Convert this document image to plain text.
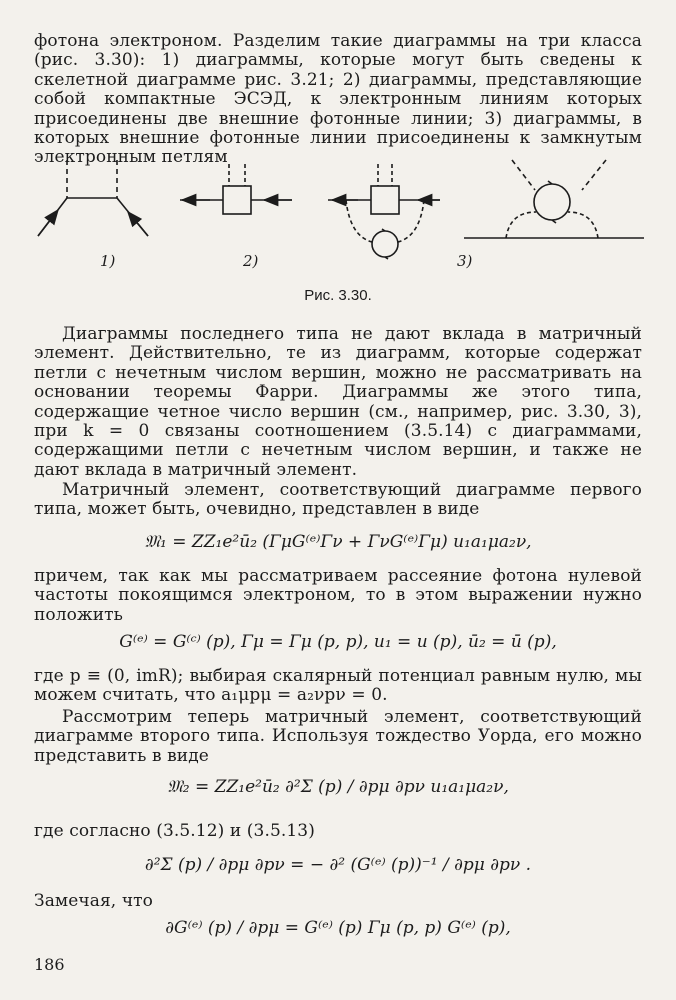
фотона электроном. Разделим такие диаграммы на три класса (рис. 3.30): 1) диаграммы, которые могут быть сведены к скелетной диаграмме рис. 3.21; 2) диаграммы, представляющие собой компактные ЭСЭД, к электронным линиям которых присоединены две внешние фотонные линии; 3) диаграммы, в которых внешние фотонные линии присоединены к замкнутым электронным петлям
1)	2)	3)
Рис. 3.30.
Диаграммы последнего типа не дают вклада в матричный элемент. Действительно, те из диаграмм, которые содержат петли с нечетным числом вершин, можно не рассматривать на основании теоремы Фарри. Диаграммы же этого типа, содержащие четное число вершин (см., например, рис. 3.30, 3), при k = 0 связаны соотношением (3.5.14) с диаграммами, содержащими петли с нечетным числом вершин, и также не дают вклада в матричный элемент.
Матричный элемент, соответствующий диаграмме первого типа, может быть, очевидно, представлен в виде
𝔐₁ = ZZ₁e²ū₂ (ΓμG⁽ᵉ⁾Γν + ΓνG⁽ᵉ⁾Γμ) u₁a₁μa₂ν,
причем, так как мы рассматриваем рассеяние фотона нулевой частоты покоящимся электроном, то в этом выражении нужно положить
G⁽ᵉ⁾ = G⁽ᶜ⁾ (p), Γμ = Γμ (p, p), u₁ = u (p), ū₂ = ū (p),
где p ≡ (0, imR); выбирая скалярный потенциал равным нулю, мы можем считать, что a₁μpμ = a₂νpν = 0.
Рассмотрим теперь матричный элемент, соответствующий диаграмме второго типа. Используя тождество Уорда, его можно представить в виде
𝔐₂ = ZZ₁e²ū₂ ∂²Σ (p) / ∂pμ ∂pν u₁a₁μa₂ν,
где согласно (3.5.12) и (3.5.13)
∂²Σ (p) / ∂pμ ∂pν = − ∂² (G⁽ᵉ⁾ (p))⁻¹ / ∂pμ ∂pν .
Замечая, что
∂G⁽ᵉ⁾ (p) / ∂pμ = G⁽ᵉ⁾ (p) Γμ (p, p) G⁽ᵉ⁾ (p),
186
